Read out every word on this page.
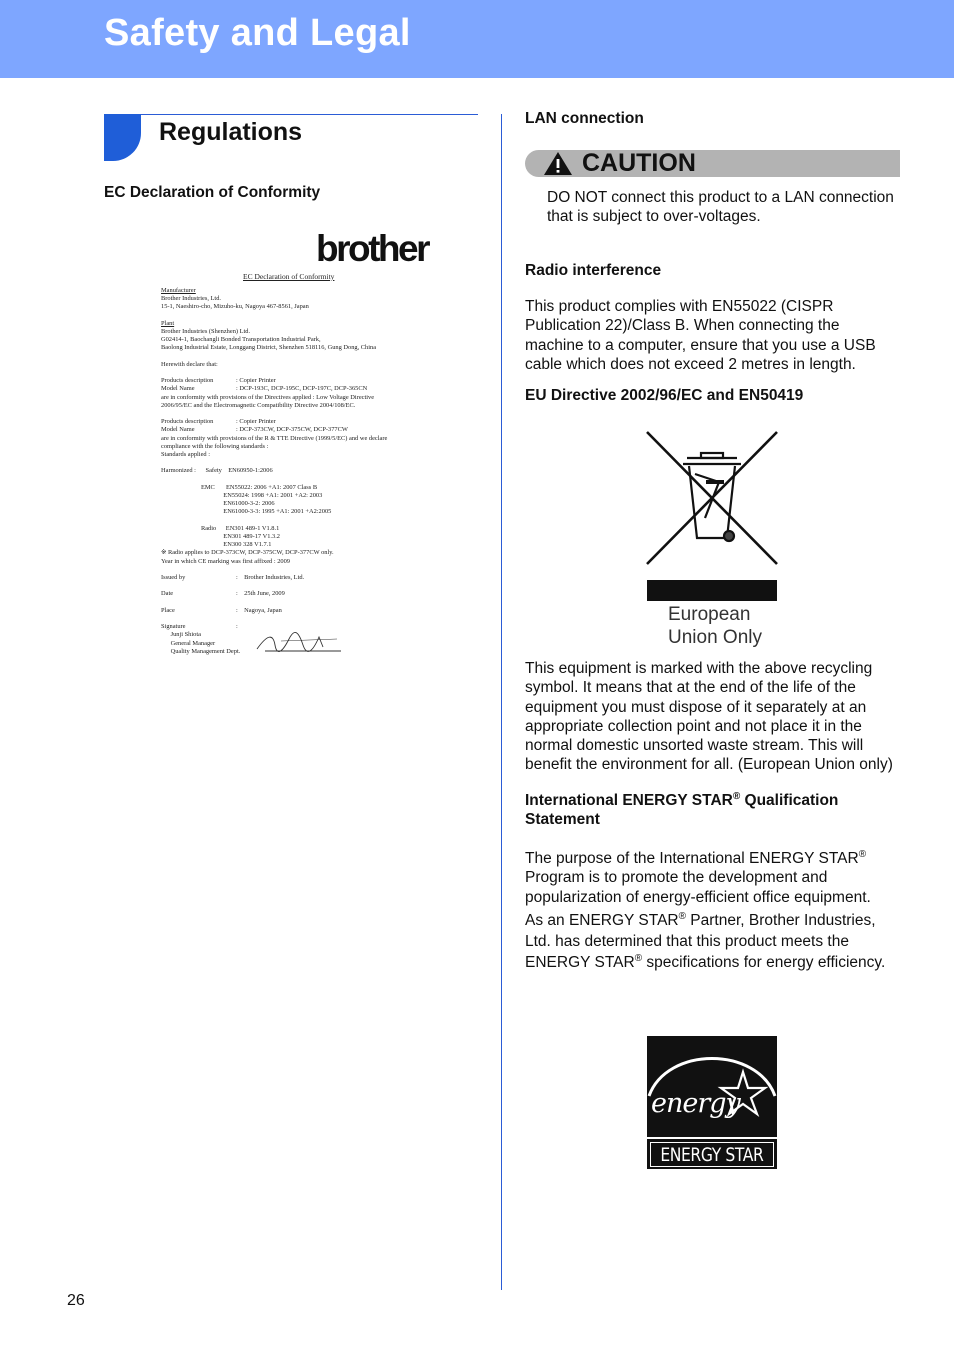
Safety and Legal
Regulations
EC Declaration of Conformity

brother

EC Declaration of Conformity

Manufacturer

Brother Industries, Ltd.

15-1, Naeshiro-cho, Mizuho-ku, Nagoya 467-8561, Japan

Plant

Brother Industries (Shenzhen) Ltd.

G02414-1, Baochangli Bonded Transportation Industrial Park,

Baolong Industrial Estate, Longgang District, Shenzhen 518116, Gung Dong, China

Herewith declare that:

Products description	: Copier Printer

Model Name	: DCP-193C, DCP-195C, DCP-197C, DCP-365CN

are in conformity with provisions of the Directives applied : Low Voltage Directive

2006/95/EC and the Electromagnetic Compatibility Directive 2004/108/EC.

Products description	: Copier Printer

Model Name	: DCP-373CW, DCP-375CW, DCP-377CW

are in conformity with provisions of the R & TTE Directive (1999/5/EC) and we declare

compliance with the following standards :

Standards applied :

Harmonized :      Safety    EN60950-1:2006

EMC       EN55022: 2006 +A1: 2007 Class B

EN55024: 1998 +A1: 2001 +A2: 2003

EN61000-3-2: 2006

EN61000-3-3: 1995 +A1: 2001 +A2:2005

Radio      EN301 489-1 V1.8.1

EN301 489-17 V1.3.2

EN300 328 V1.7.1

※ Radio applies to DCP-373CW, DCP-375CW, DCP-377CW only.

Year in which CE marking was first affixed : 2009

Issued by	:    Brother Industries, Ltd.

Date	:    25th June, 2009

Place	:    Nagoya, Japan

Signature	:

Junji Shiota

General Manager

Quality Management Dept.

LAN connection

CAUTION

DO NOT connect this product to a LAN connection that is subject to over-voltages.

Radio interference

This product complies with EN55022 (CISPR Publication 22)/Class B. When connecting the machine to a computer, ensure that you use a USB cable which does not exceed 2 metres in length.

EU Directive 2002/96/EC and EN50419
European
Union Only

This equipment is marked with the above recycling symbol. It means that at the end of the life of the equipment you must dispose of it separately at an appropriate collection point and not place it in the normal domestic unsorted waste stream. This will benefit the environment for all. (European Union only)

International ENERGY STAR® Qualification
Statement

The purpose of the International ENERGY STAR® Program is to promote the development and popularization of energy-efficient office equipment.

As an ENERGY STAR® Partner, Brother Industries, Ltd. has determined that this product meets the ENERGY STAR® specifications for energy efficiency.

energy
ENERGY STAR

26
